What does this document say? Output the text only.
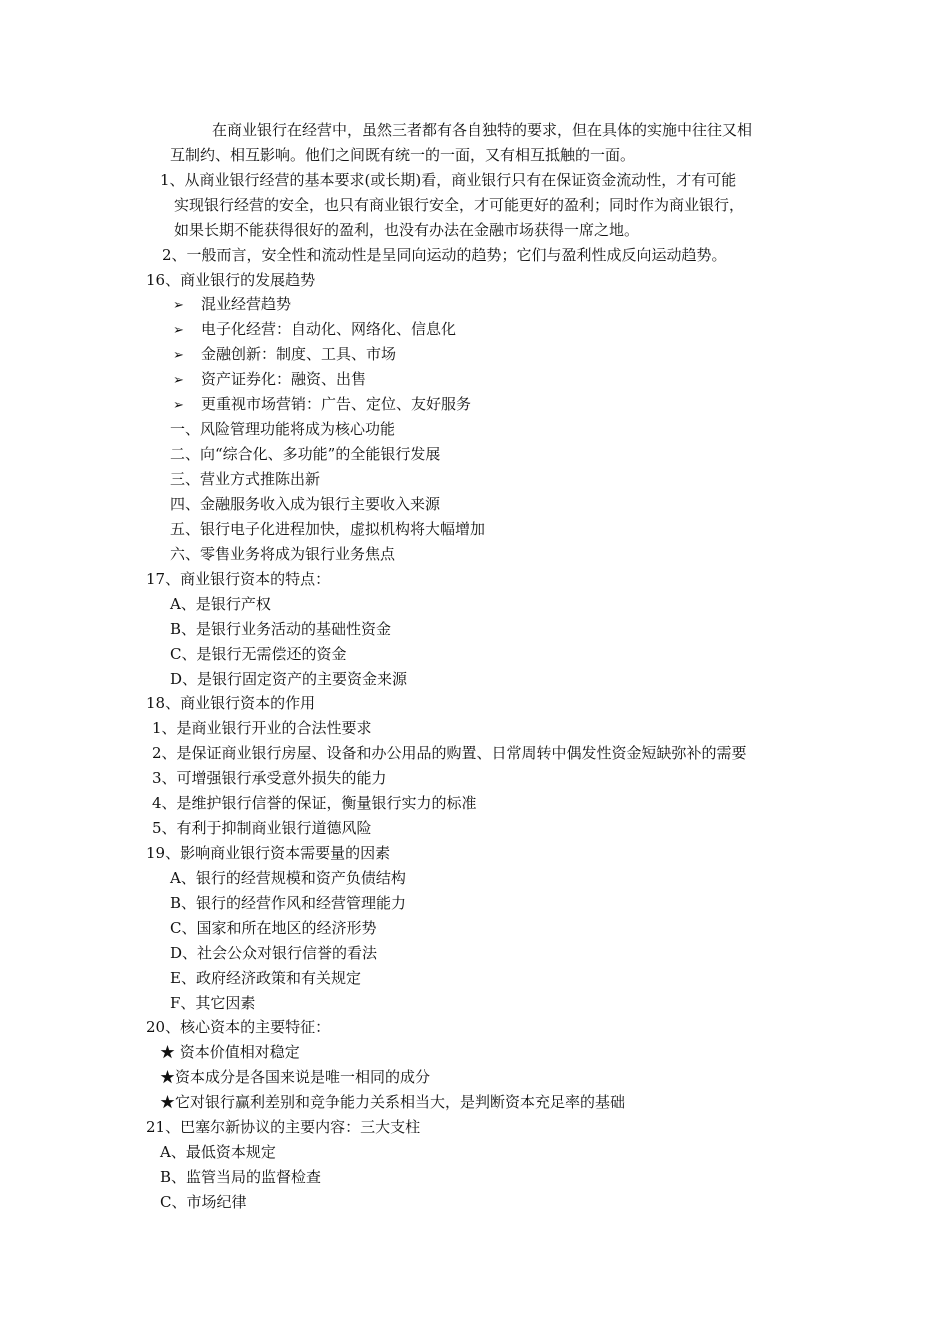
在商业银行在经营中，虽然三者都有各自独特的要求，但在具体的实施中往往又相
互制约、相互影响。他们之间既有统一的一面，又有相互抵触的一面。
1、从商业银行经营的基本要求(或长期)看，商业银行只有在保证资金流动性，才有可能
实现银行经营的安全，也只有商业银行安全，才可能更好的盈利；同时作为商业银行，
如果长期不能获得很好的盈利，也没有办法在金融市场获得一席之地。
2、一般而言，安全性和流动性是呈同向运动的趋势；它们与盈利性成反向运动趋势。
16、商业银行的发展趋势
➢ 混业经营趋势
➢ 电子化经营：自动化、网络化、信息化
➢ 金融创新：制度、工具、市场
➢ 资产证券化：融资、出售
➢ 更重视市场营销：广告、定位、友好服务
一、风险管理功能将成为核心功能
二、向“综合化、多功能”的全能银行发展
三、营业方式推陈出新
四、金融服务收入成为银行主要收入来源
五、银行电子化进程加快，虚拟机构将大幅增加
六、零售业务将成为银行业务焦点
17、商业银行资本的特点：
A、是银行产权
B、是银行业务活动的基础性资金
C、是银行无需偿还的资金
D、是银行固定资产的主要资金来源
18、商业银行资本的作用
1、是商业银行开业的合法性要求
2、是保证商业银行房屋、设备和办公用品的购置、日常周转中偶发性资金短缺弥补的需要
3、可增强银行承受意外损失的能力
4、是维护银行信誉的保证，衡量银行实力的标准
5、有利于抑制商业银行道德风险
19、影响商业银行资本需要量的因素
A、银行的经营规模和资产负债结构
B、银行的经营作风和经营管理能力
C、国家和所在地区的经济形势
D、社会公众对银行信誉的看法
E、政府经济政策和有关规定
F、其它因素
20、核心资本的主要特征：
★ 资本价值相对稳定
★资本成分是各国来说是唯一相同的成分
★它对银行赢利差别和竞争能力关系相当大，是判断资本充足率的基础
21、巴塞尔新协议的主要内容：三大支柱
A、最低资本规定
B、监管当局的监督检查
C、市场纪律
